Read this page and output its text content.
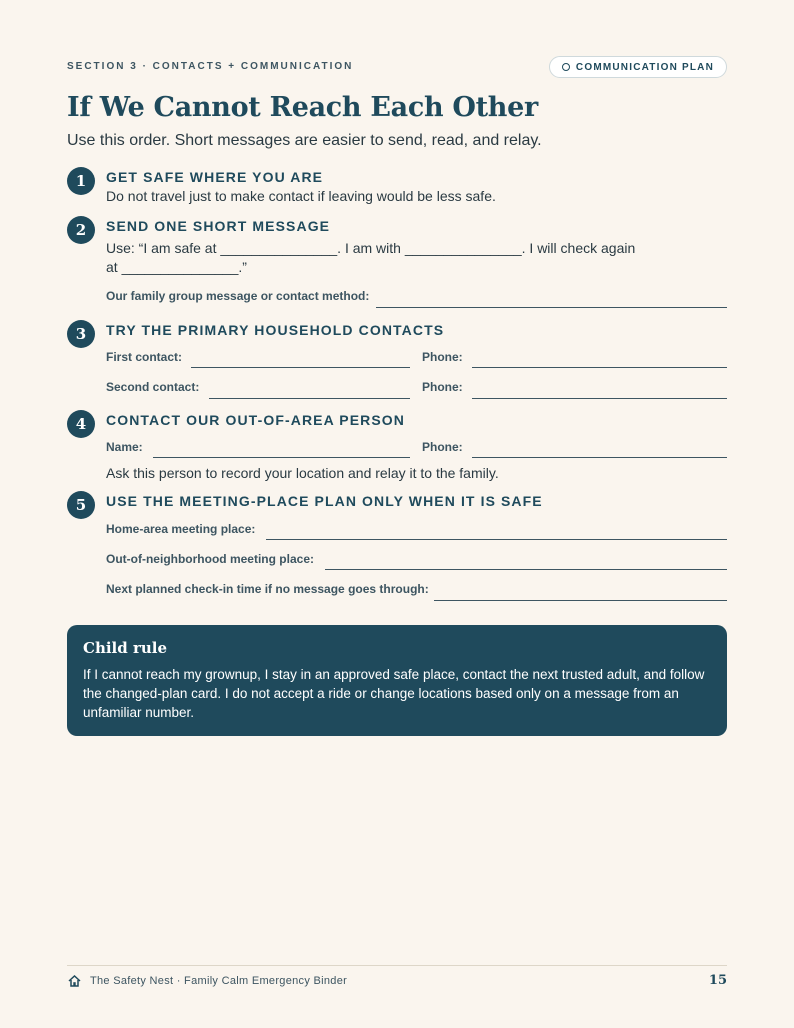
SECTION 3 · CONTACTS + COMMUNICATION	COMMUNICATION PLAN
If We Cannot Reach Each Other

Use this order. Short messages are easier to send, read, and relay.

1	GET SAFE WHERE YOU ARE
Do not travel just to make contact if leaving would be less safe.
2	SEND ONE SHORT MESSAGE
Use: “I am safe at _______________. I am with _______________. I will check again at _______________.”
Our family group message or contact method:
3	TRY THE PRIMARY HOUSEHOLD CONTACTS
First contact:	Phone:
Second contact:	Phone:
4	CONTACT OUR OUT-OF-AREA PERSON
Name:	Phone:
Ask this person to record your location and relay it to the family.
5	USE THE MEETING-PLACE PLAN ONLY WHEN IT IS SAFE
Home-area meeting place:
Out-of-neighborhood meeting place:
Next planned check-in time if no message goes through:

Child rule

If I cannot reach my grownup, I stay in an approved safe place, contact the next trusted adult, and follow the changed-plan card. I do not accept a ride or change locations based only on a message from an unfamiliar number.

The Safety Nest · Family Calm Emergency Binder	15
